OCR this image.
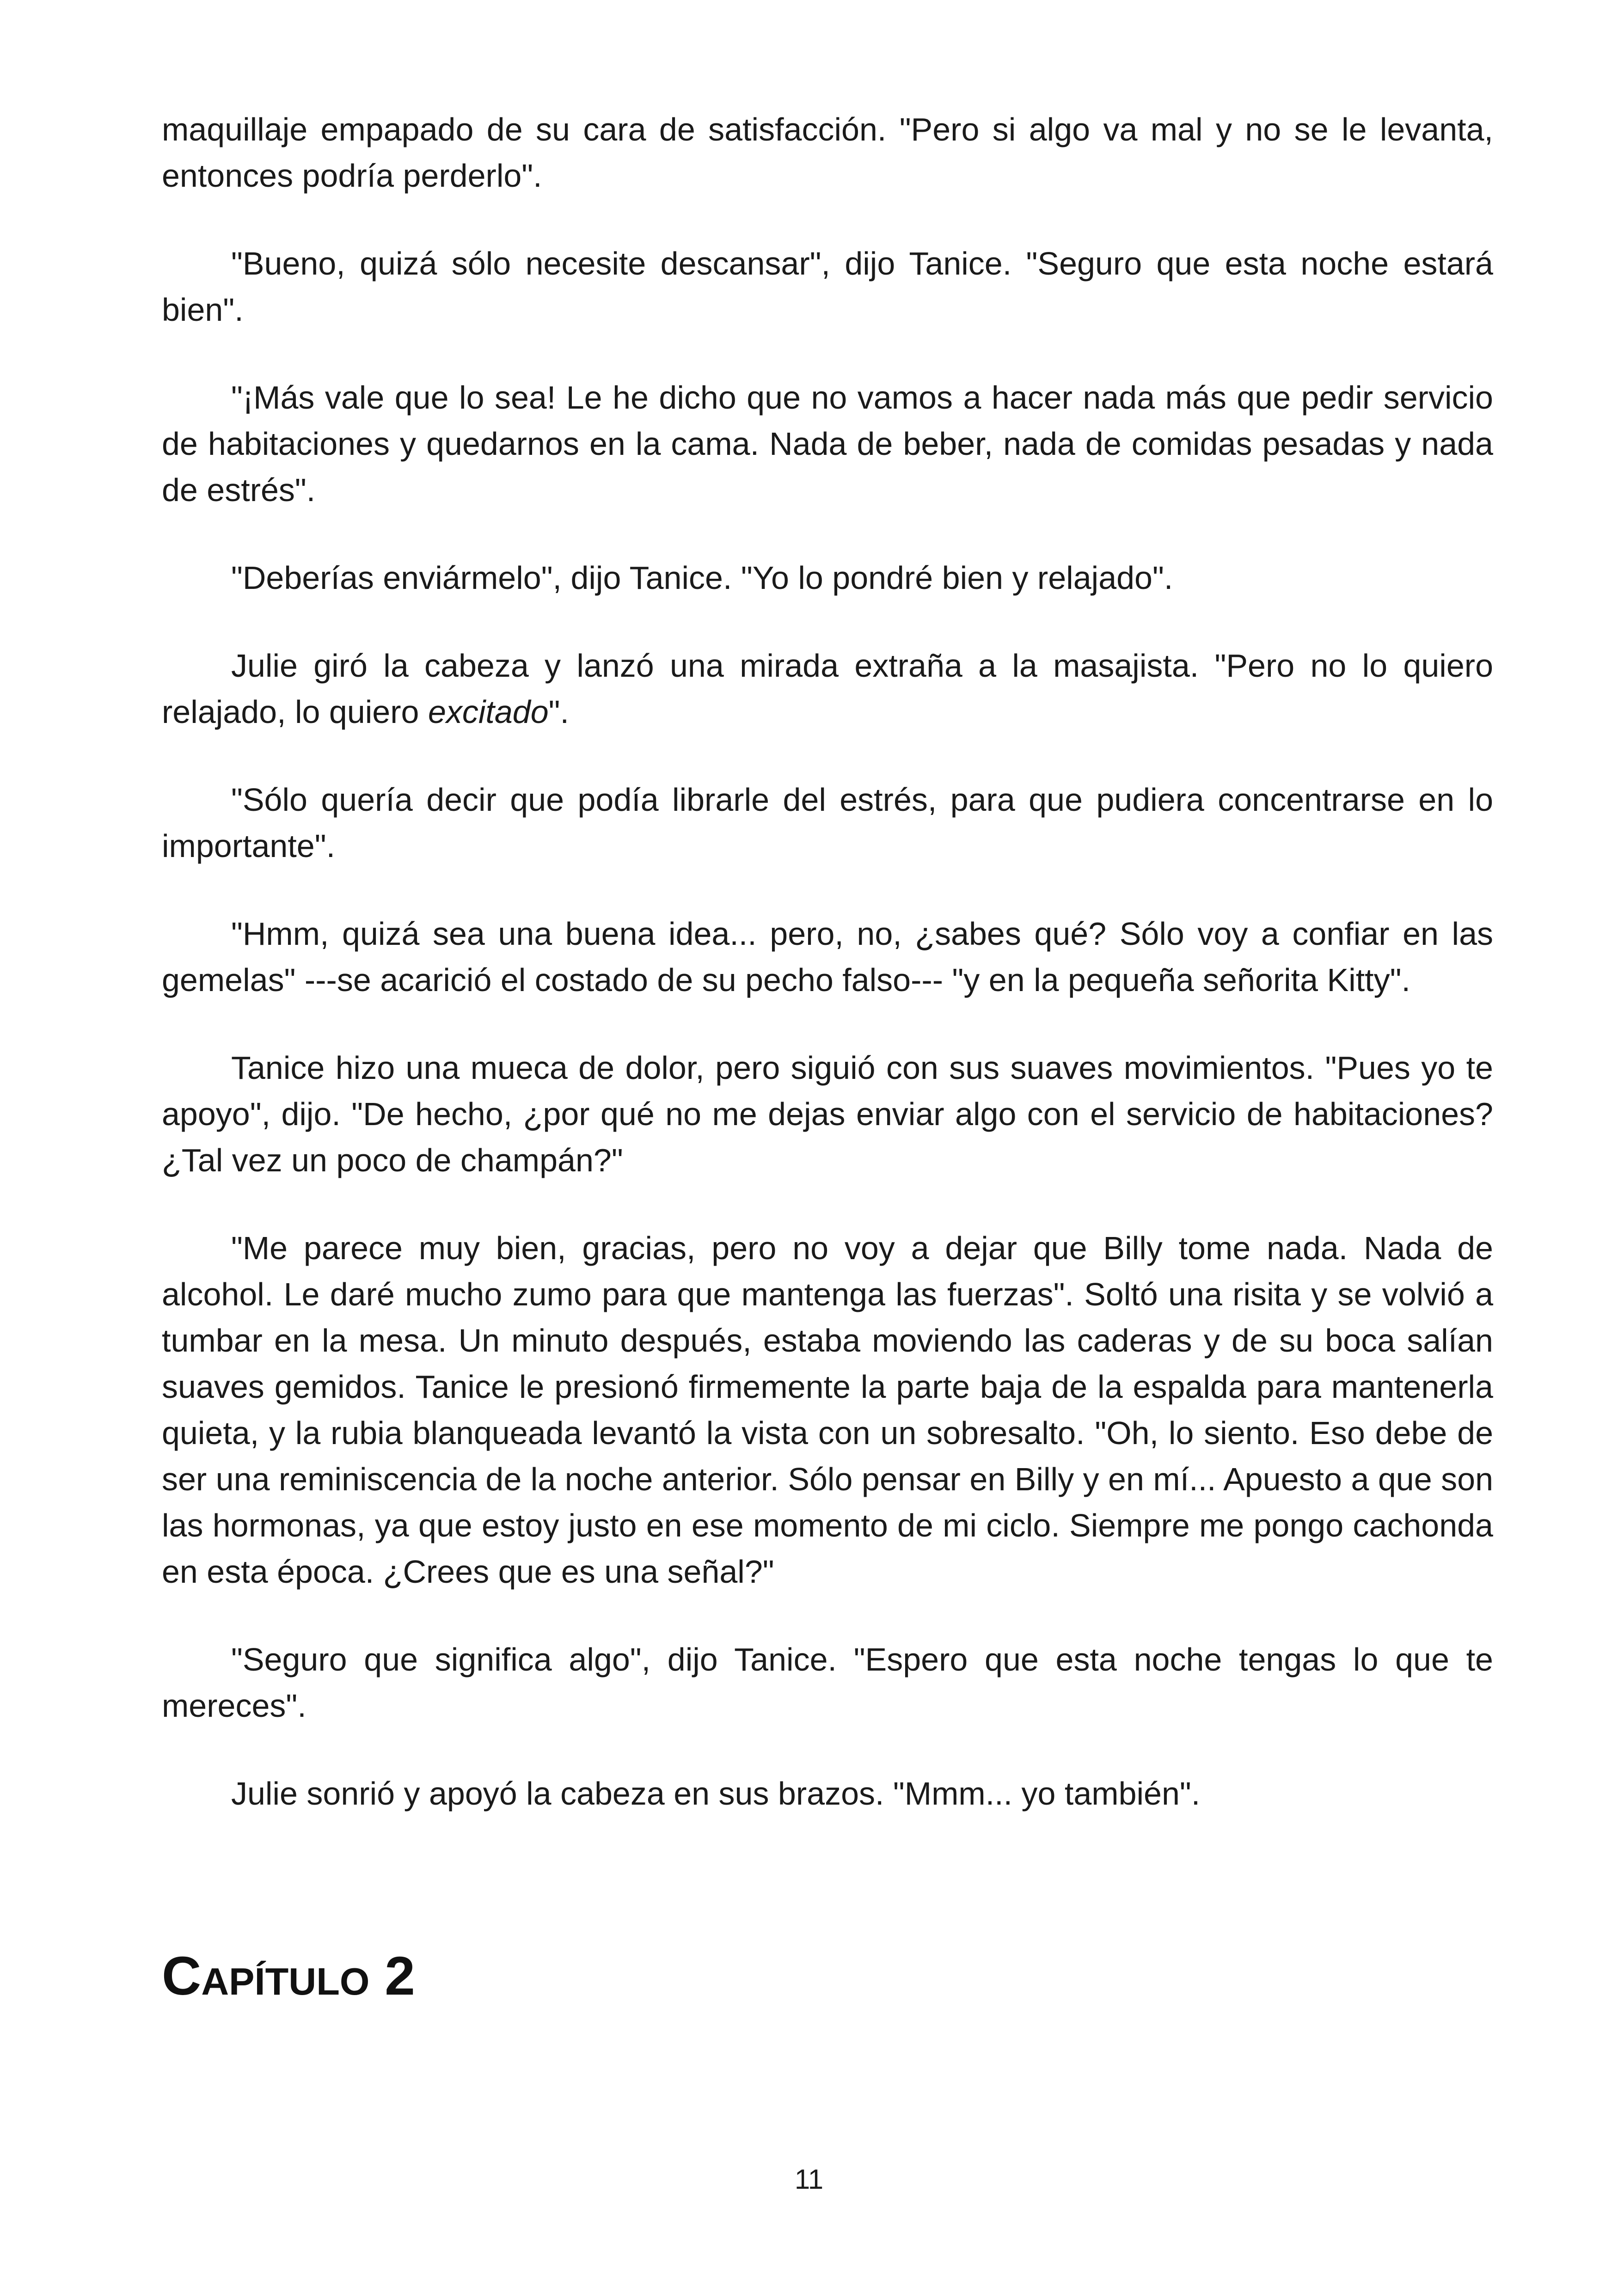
maquillaje empapado de su cara de satisfacción. "Pero si algo va mal y no se le levanta, entonces podría perderlo".

"Bueno, quizá sólo necesite descansar", dijo Tanice. "Seguro que esta noche estará bien".

"¡Más vale que lo sea! Le he dicho que no vamos a hacer nada más que pedir servicio de habitaciones y quedarnos en la cama. Nada de beber, nada de comidas pesadas y nada de estrés".

"Deberías enviármelo", dijo Tanice. "Yo lo pondré bien y relajado".

Julie giró la cabeza y lanzó una mirada extraña a la masajista. "Pero no lo quiero relajado, lo quiero excitado".

"Sólo quería decir que podía librarle del estrés, para que pudiera concentrarse en lo importante".

"Hmm, quizá sea una buena idea... pero, no, ¿sabes qué? Sólo voy a confiar en las gemelas" ---se acarició el costado de su pecho falso--- "y en la pequeña señorita Kitty".

Tanice hizo una mueca de dolor, pero siguió con sus suaves movimientos. "Pues yo te apoyo", dijo. "De hecho, ¿por qué no me dejas enviar algo con el servicio de habitaciones? ¿Tal vez un poco de champán?"

"Me parece muy bien, gracias, pero no voy a dejar que Billy tome nada. Nada de alcohol. Le daré mucho zumo para que mantenga las fuerzas". Soltó una risita y se volvió a tumbar en la mesa. Un minuto después, estaba moviendo las caderas y de su boca salían suaves gemidos. Tanice le presionó firmemente la parte baja de la espalda para mantenerla quieta, y la rubia blanqueada levantó la vista con un sobresalto. "Oh, lo siento. Eso debe de ser una reminiscencia de la noche anterior. Sólo pensar en Billy y en mí... Apuesto a que son las hormonas, ya que estoy justo en ese momento de mi ciclo. Siempre me pongo cachonda en esta época. ¿Crees que es una señal?"

"Seguro que significa algo", dijo Tanice. "Espero que esta noche tengas lo que te mereces".

Julie sonrió y apoyó la cabeza en sus brazos. "Mmm... yo también".

Capítulo 2
11
